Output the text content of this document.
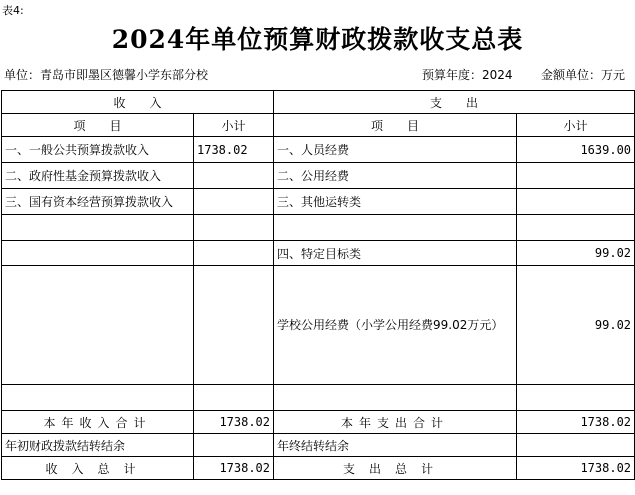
表4:
2024年单位预算财政拨款收支总表
单位：青岛市即墨区德馨小学东部分校	预算年度：2024 金额单位：万元
收　　入		支　　出	
项　　目	小计	项　　目	小计
一、一般公共预算拨款收入	1738.02	一、人员经费	1639.00
二、政府性基金预算拨款收入		二、公用经费	
三、国有资本经营预算拨款收入		三、其他运转类	

		四、特定目标类	99.02
		学校公用经费（小学公用经费99.02万元）	99.02

本年收入合计	1738.02	本年支出合计	1738.02
年初财政拨款结转结余		年终结转结余	
收入总计	1738.02	支出总计	1738.02
